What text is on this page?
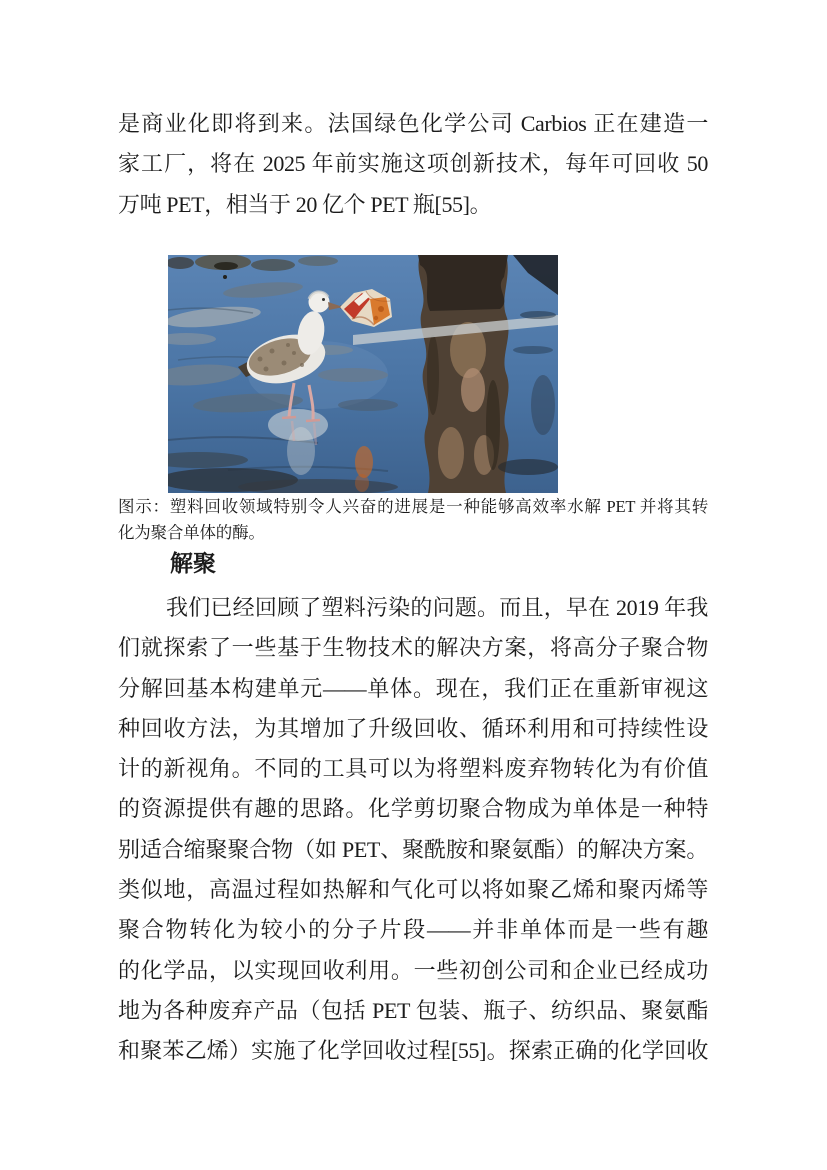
是商业化即将到来。法国绿色化学公司 Carbios 正在建造一
家工厂，将在 2025 年前实施这项创新技术，每年可回收 50
万吨 PET，相当于 20 亿个 PET 瓶[55]。
图示：塑料回收领域特别令人兴奋的进展是一种能够高效率水解 PET 并将其转
化为聚合单体的酶。
解聚
我们已经回顾了塑料污染的问题。而且，早在 2019 年我
们就探索了一些基于生物技术的解决方案，将高分子聚合物
分解回基本构建单元——单体。现在，我们正在重新审视这
种回收方法，为其增加了升级回收、循环利用和可持续性设
计的新视角。不同的工具可以为将塑料废弃物转化为有价值
的资源提供有趣的思路。化学剪切聚合物成为单体是一种特
别适合缩聚聚合物（如 PET、聚酰胺和聚氨酯）的解决方案。
类似地，高温过程如热解和气化可以将如聚乙烯和聚丙烯等
聚合物转化为较小的分子片段——并非单体而是一些有趣
的化学品，以实现回收利用。一些初创公司和企业已经成功
地为各种废弃产品（包括 PET 包装、瓶子、纺织品、聚氨酯
和聚苯乙烯）实施了化学回收过程[55]。探索正确的化学回收
